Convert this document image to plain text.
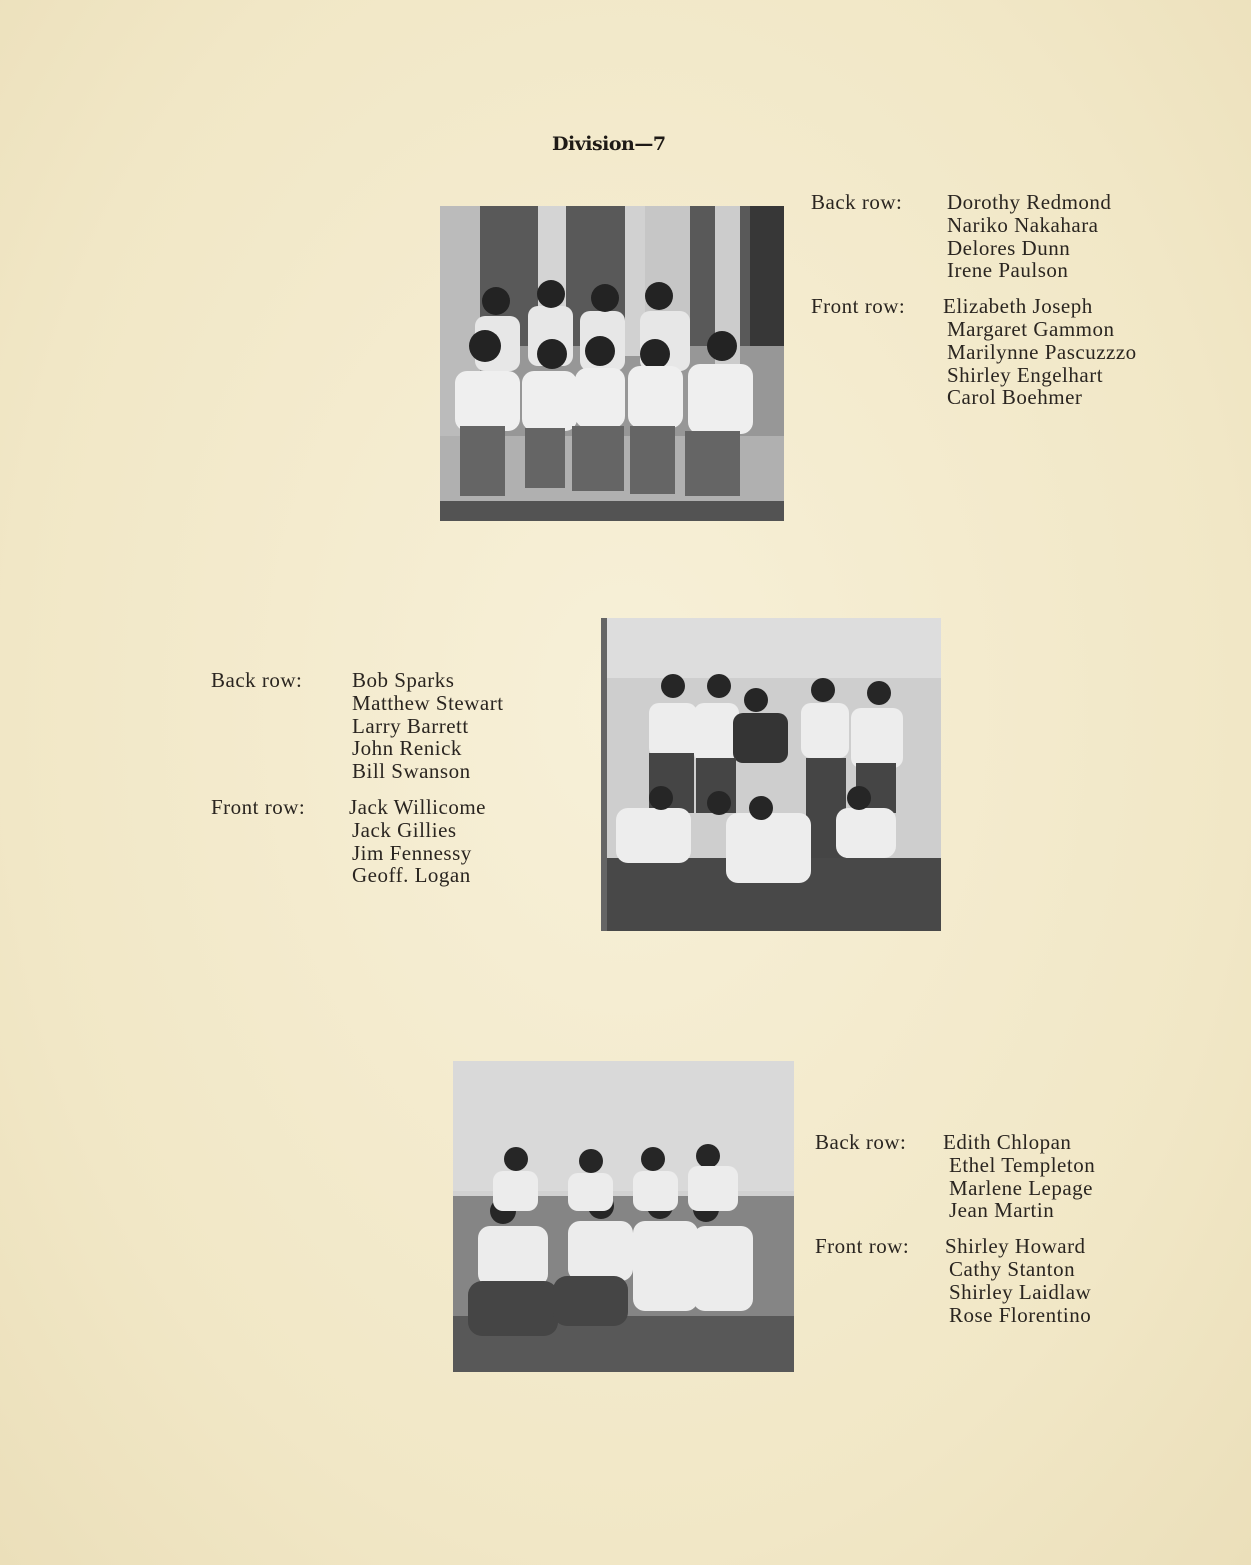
Division—7
Back row: Dorothy Redmond
Nariko Nakahara
Delores Dunn
Irene Paulson
Front row: Elizabeth Joseph
Margaret Gammon
Marilynne Pascuzzzo
Shirley Engelhart
Carol Boehmer
Back row: Bob Sparks
Matthew Stewart
Larry Barrett
John Renick
Bill Swanson
Front row: Jack Willicome
Jack Gillies
Jim Fennessy
Geoff. Logan
Back row: Edith Chlopan
Ethel Templeton
Marlene Lepage
Jean Martin
Front row: Shirley Howard
Cathy Stanton
Shirley Laidlaw
Rose Florentino
